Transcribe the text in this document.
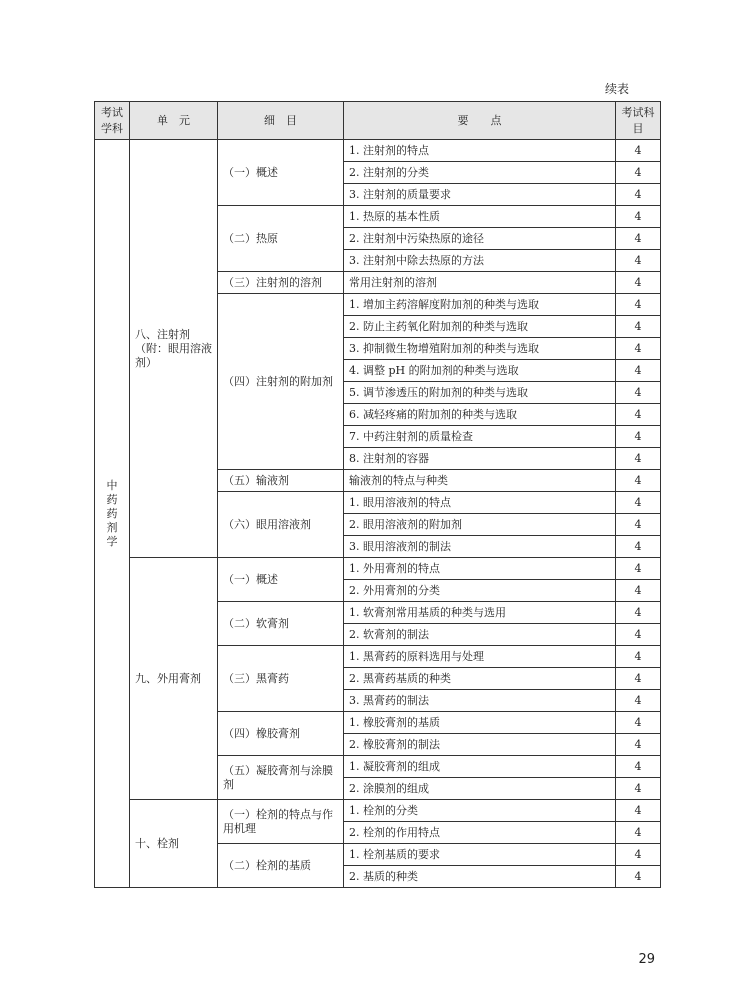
续表
考试学科	单　元	细　目	要　　点	考试科目
中药药剂学	八、注射剂（附：眼用溶液剂）	（一）概述	1. 注射剂的特点	4
			2. 注射剂的分类	4
			3. 注射剂的质量要求	4
		（二）热原	1. 热原的基本性质	4
			2. 注射剂中污染热原的途径	4
			3. 注射剂中除去热原的方法	4
		（三）注射剂的溶剂	常用注射剂的溶剂	4
		（四）注射剂的附加剂	1. 增加主药溶解度附加剂的种类与选取	4
			2. 防止主药氧化附加剂的种类与选取	4
			3. 抑制微生物增殖附加剂的种类与选取	4
			4. 调整 pH 的附加剂的种类与选取	4
			5. 调节渗透压的附加剂的种类与选取	4
			6. 减轻疼痛的附加剂的种类与选取	4
			7. 中药注射剂的质量检查	4
			8. 注射剂的容器	4
		（五）输液剂	输液剂的特点与种类	4
		（六）眼用溶液剂	1. 眼用溶液剂的特点	4
			2. 眼用溶液剂的附加剂	4
			3. 眼用溶液剂的制法	4
	九、外用膏剂	（一）概述	1. 外用膏剂的特点	4
			2. 外用膏剂的分类	4
		（二）软膏剂	1. 软膏剂常用基质的种类与选用	4
			2. 软膏剂的制法	4
		（三）黑膏药	1. 黑膏药的原料选用与处理	4
			2. 黑膏药基质的种类	4
			3. 黑膏药的制法	4
		（四）橡胶膏剂	1. 橡胶膏剂的基质	4
			2. 橡胶膏剂的制法	4
		（五）凝胶膏剂与涂膜剂	1. 凝胶膏剂的组成	4
			2. 涂膜剂的组成	4
	十、栓剂	（一）栓剂的特点与作用机理	1. 栓剂的分类	4
			2. 栓剂的作用特点	4
		（二）栓剂的基质	1. 栓剂基质的要求	4
			2. 基质的种类	4
29
